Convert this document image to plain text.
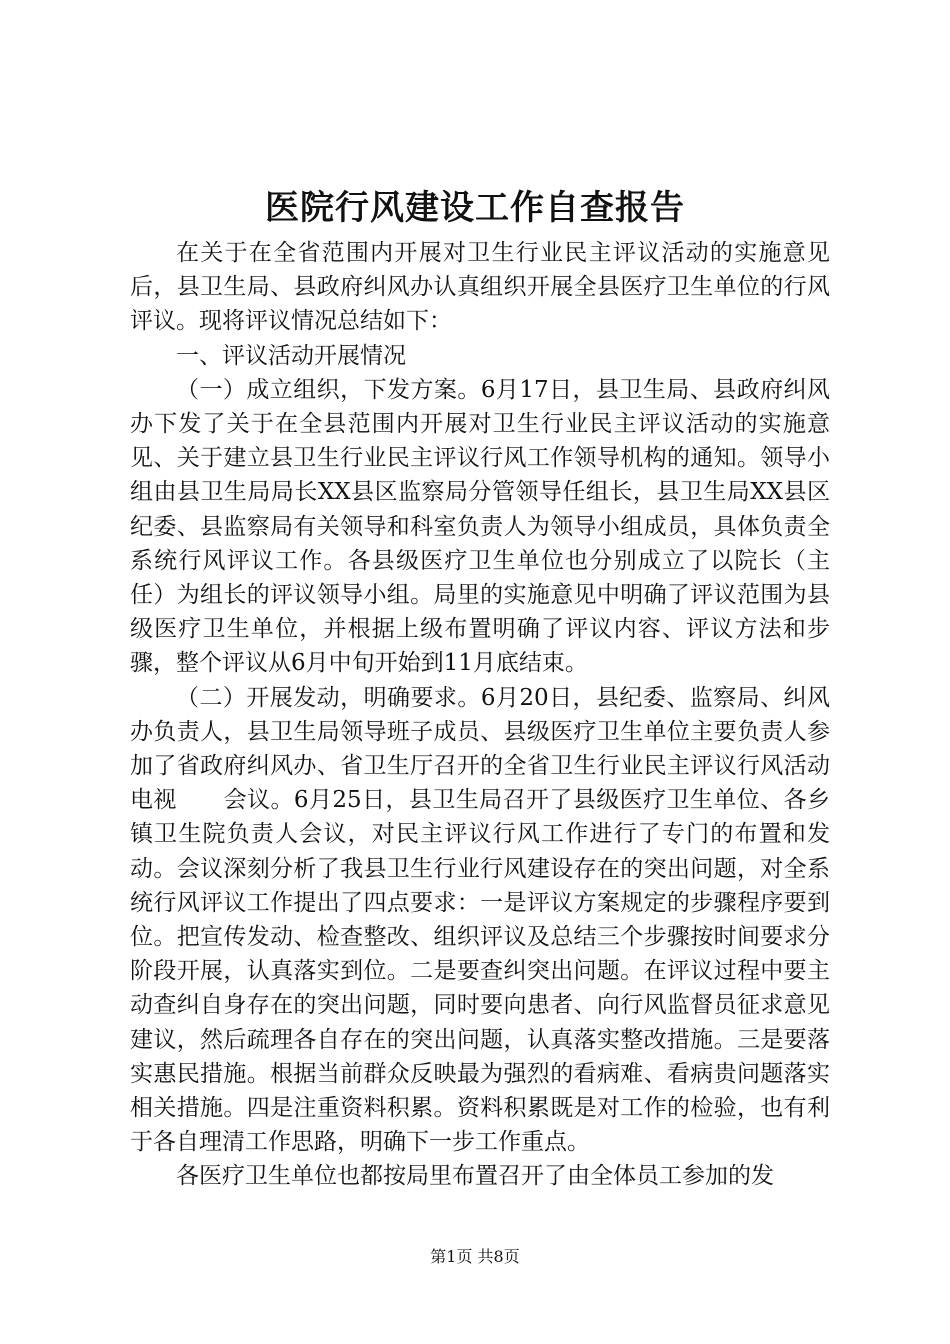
医院行风建设工作自查报告

在关于在全省范围内开展对卫生行业民主评议活动的实施意见后，县卫生局、县政府纠风办认真组织开展全县医疗卫生单位的行风评议。现将评议情况总结如下：

一、评议活动开展情况

（一）成立组织，下发方案。6月17日，县卫生局、县政府纠风办下发了关于在全县范围内开展对卫生行业民主评议活动的实施意见、关于建立县卫生行业民主评议行风工作领导机构的通知。领导小组由县卫生局局长XX县区监察局分管领导任组长，县卫生局XX县区纪委、县监察局有关领导和科室负责人为领导小组成员，具体负责全系统行风评议工作。各县级医疗卫生单位也分别成立了以院长（主任）为组长的评议领导小组。局里的实施意见中明确了评议范围为县级医疗卫生单位，并根据上级布置明确了评议内容、评议方法和步骤，整个评议从6月中旬开始到11月底结束。

（二）开展发动，明确要求。6月20日，县纪委、监察局、纠风办负责人，县卫生局领导班子成员、县级医疗卫生单位主要负责人参加了省政府纠风办、省卫生厅召开的全省卫生行业民主评议行风活动电视　　会议。6月25日，县卫生局召开了县级医疗卫生单位、各乡镇卫生院负责人会议，对民主评议行风工作进行了专门的布置和发动。会议深刻分析了我县卫生行业行风建设存在的突出问题，对全系统行风评议工作提出了四点要求：一是评议方案规定的步骤程序要到位。把宣传发动、检查整改、组织评议及总结三个步骤按时间要求分阶段开展，认真落实到位。二是要查纠突出问题。在评议过程中要主动查纠自身存在的突出问题，同时要向患者、向行风监督员征求意见建议，然后疏理各自存在的突出问题，认真落实整改措施。三是要落实惠民措施。根据当前群众反映最为强烈的看病难、看病贵问题落实相关措施。四是注重资料积累。资料积累既是对工作的检验，也有利于各自理清工作思路，明确下一步工作重点。

各医疗卫生单位也都按局里布置召开了由全体员工参加的发

第1页 共8页
